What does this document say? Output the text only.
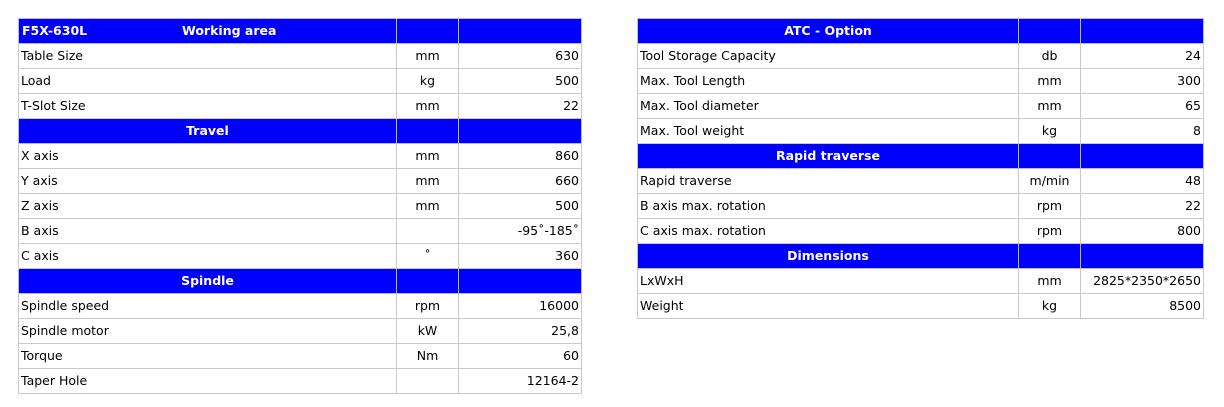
F5X-630L Working area		
Table Size	mm	630
Load	kg	500
T-Slot Size	mm	22
Travel		
X axis	mm	860
Y axis	mm	660
Z axis	mm	500
B axis		-95˚-185˚
C axis	˚	360
Spindle		
Spindle speed	rpm	16000
Spindle motor	kW	25,8
Torque	Nm	60
Taper Hole		12164-2
ATC - Option		
Tool Storage Capacity	db	24
Max. Tool Length	mm	300
Max. Tool diameter	mm	65
Max. Tool weight	kg	8
Rapid traverse		
Rapid traverse	m/min	48
B axis max. rotation	rpm	22
C axis max. rotation	rpm	800
Dimensions		
LxWxH	mm	2825*2350*2650
Weight	kg	8500
